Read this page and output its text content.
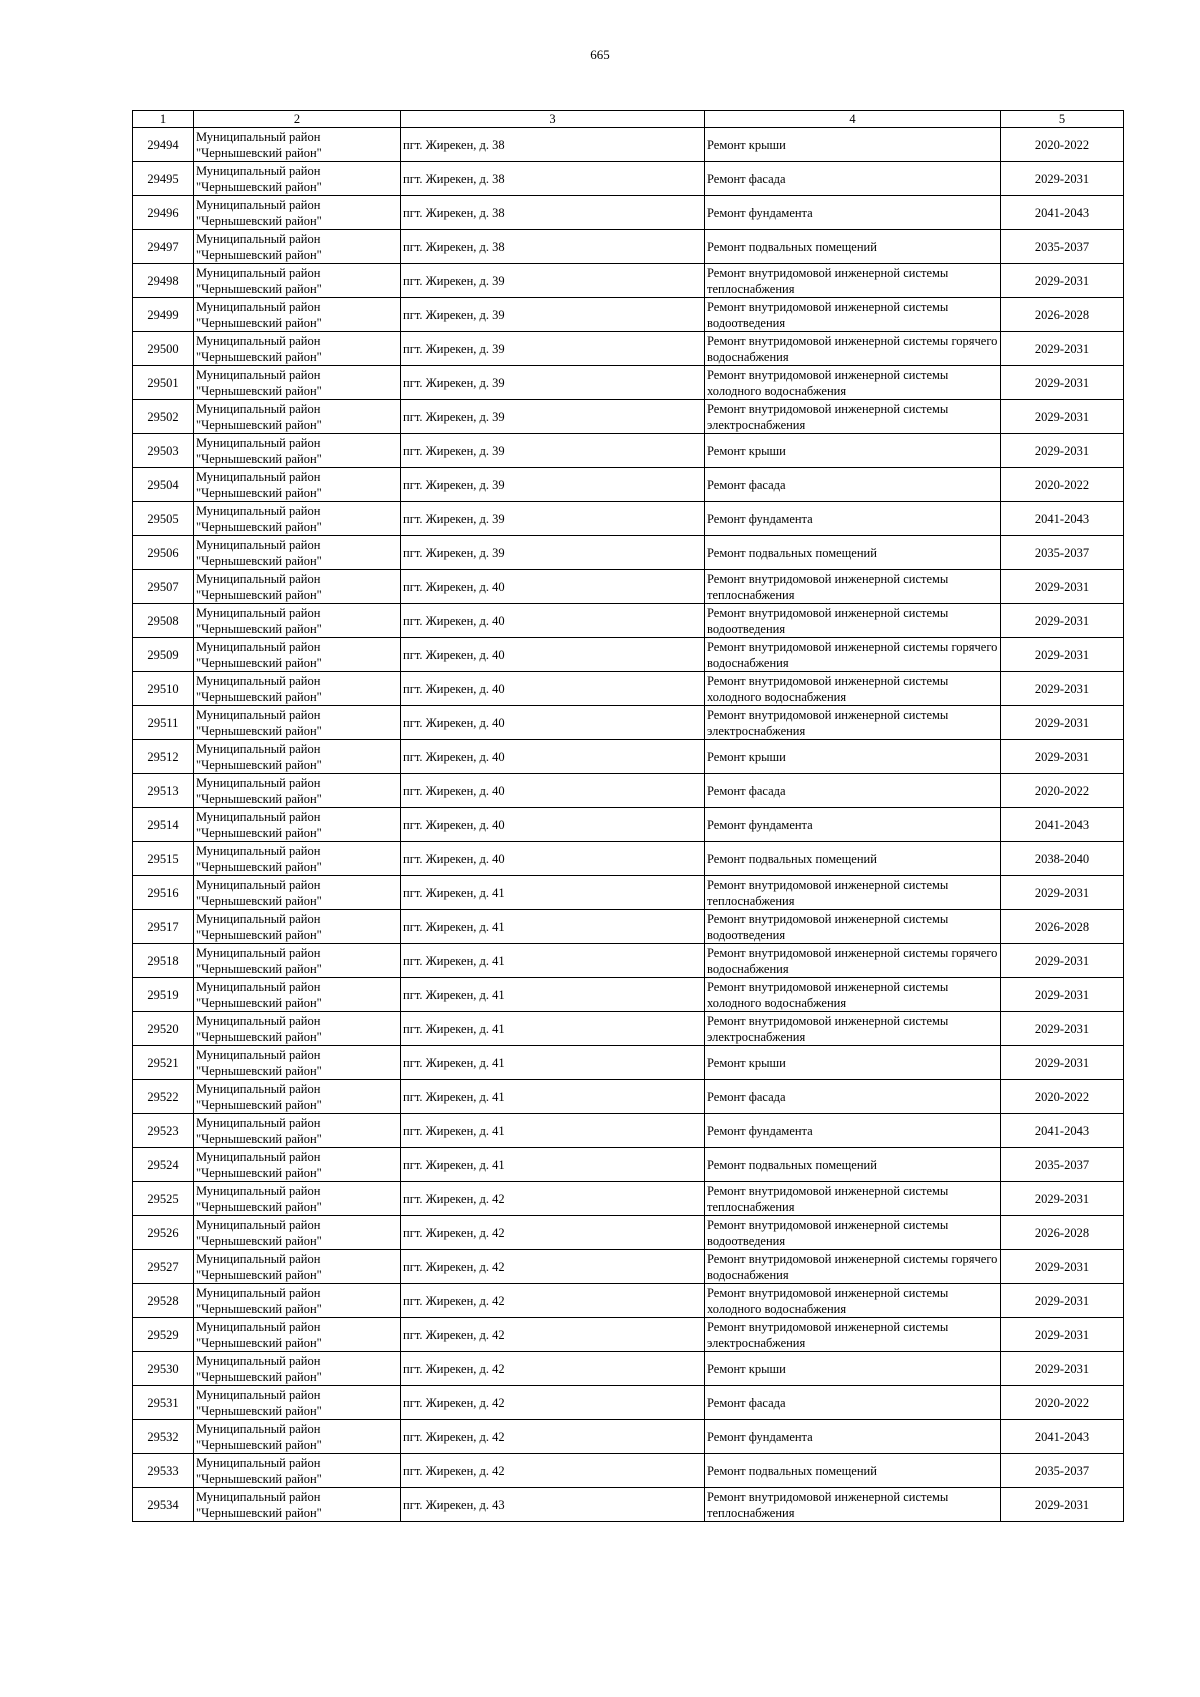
665
1	2	3	4	5
29494	Муниципальный район "Чернышевский район"	пгт. Жирекен, д. 38	Ремонт крыши	2020-2022
29495	Муниципальный район "Чернышевский район"	пгт. Жирекен, д. 38	Ремонт фасада	2029-2031
29496	Муниципальный район "Чернышевский район"	пгт. Жирекен, д. 38	Ремонт фундамента	2041-2043
29497	Муниципальный район "Чернышевский район"	пгт. Жирекен, д. 38	Ремонт подвальных помещений	2035-2037
29498	Муниципальный район "Чернышевский район"	пгт. Жирекен, д. 39	Ремонт внутридомовой инженерной системы теплоснабжения	2029-2031
29499	Муниципальный район "Чернышевский район"	пгт. Жирекен, д. 39	Ремонт внутридомовой инженерной системы водоотведения	2026-2028
29500	Муниципальный район "Чернышевский район"	пгт. Жирекен, д. 39	Ремонт внутридомовой инженерной системы горячего водоснабжения	2029-2031
29501	Муниципальный район "Чернышевский район"	пгт. Жирекен, д. 39	Ремонт внутридомовой инженерной системы холодного водоснабжения	2029-2031
29502	Муниципальный район "Чернышевский район"	пгт. Жирекен, д. 39	Ремонт внутридомовой инженерной системы электроснабжения	2029-2031
29503	Муниципальный район "Чернышевский район"	пгт. Жирекен, д. 39	Ремонт крыши	2029-2031
29504	Муниципальный район "Чернышевский район"	пгт. Жирекен, д. 39	Ремонт фасада	2020-2022
29505	Муниципальный район "Чернышевский район"	пгт. Жирекен, д. 39	Ремонт фундамента	2041-2043
29506	Муниципальный район "Чернышевский район"	пгт. Жирекен, д. 39	Ремонт подвальных помещений	2035-2037
29507	Муниципальный район "Чернышевский район"	пгт. Жирекен, д. 40	Ремонт внутридомовой инженерной системы теплоснабжения	2029-2031
29508	Муниципальный район "Чернышевский район"	пгт. Жирекен, д. 40	Ремонт внутридомовой инженерной системы водоотведения	2029-2031
29509	Муниципальный район "Чернышевский район"	пгт. Жирекен, д. 40	Ремонт внутридомовой инженерной системы горячего водоснабжения	2029-2031
29510	Муниципальный район "Чернышевский район"	пгт. Жирекен, д. 40	Ремонт внутридомовой инженерной системы холодного водоснабжения	2029-2031
29511	Муниципальный район "Чернышевский район"	пгт. Жирекен, д. 40	Ремонт внутридомовой инженерной системы электроснабжения	2029-2031
29512	Муниципальный район "Чернышевский район"	пгт. Жирекен, д. 40	Ремонт крыши	2029-2031
29513	Муниципальный район "Чернышевский район"	пгт. Жирекен, д. 40	Ремонт фасада	2020-2022
29514	Муниципальный район "Чернышевский район"	пгт. Жирекен, д. 40	Ремонт фундамента	2041-2043
29515	Муниципальный район "Чернышевский район"	пгт. Жирекен, д. 40	Ремонт подвальных помещений	2038-2040
29516	Муниципальный район "Чернышевский район"	пгт. Жирекен, д. 41	Ремонт внутридомовой инженерной системы теплоснабжения	2029-2031
29517	Муниципальный район "Чернышевский район"	пгт. Жирекен, д. 41	Ремонт внутридомовой инженерной системы водоотведения	2026-2028
29518	Муниципальный район "Чернышевский район"	пгт. Жирекен, д. 41	Ремонт внутридомовой инженерной системы горячего водоснабжения	2029-2031
29519	Муниципальный район "Чернышевский район"	пгт. Жирекен, д. 41	Ремонт внутридомовой инженерной системы холодного водоснабжения	2029-2031
29520	Муниципальный район "Чернышевский район"	пгт. Жирекен, д. 41	Ремонт внутридомовой инженерной системы электроснабжения	2029-2031
29521	Муниципальный район "Чернышевский район"	пгт. Жирекен, д. 41	Ремонт крыши	2029-2031
29522	Муниципальный район "Чернышевский район"	пгт. Жирекен, д. 41	Ремонт фасада	2020-2022
29523	Муниципальный район "Чернышевский район"	пгт. Жирекен, д. 41	Ремонт фундамента	2041-2043
29524	Муниципальный район "Чернышевский район"	пгт. Жирекен, д. 41	Ремонт подвальных помещений	2035-2037
29525	Муниципальный район "Чернышевский район"	пгт. Жирекен, д. 42	Ремонт внутридомовой инженерной системы теплоснабжения	2029-2031
29526	Муниципальный район "Чернышевский район"	пгт. Жирекен, д. 42	Ремонт внутридомовой инженерной системы водоотведения	2026-2028
29527	Муниципальный район "Чернышевский район"	пгт. Жирекен, д. 42	Ремонт внутридомовой инженерной системы горячего водоснабжения	2029-2031
29528	Муниципальный район "Чернышевский район"	пгт. Жирекен, д. 42	Ремонт внутридомовой инженерной системы холодного водоснабжения	2029-2031
29529	Муниципальный район "Чернышевский район"	пгт. Жирекен, д. 42	Ремонт внутридомовой инженерной системы электроснабжения	2029-2031
29530	Муниципальный район "Чернышевский район"	пгт. Жирекен, д. 42	Ремонт крыши	2029-2031
29531	Муниципальный район "Чернышевский район"	пгт. Жирекен, д. 42	Ремонт фасада	2020-2022
29532	Муниципальный район "Чернышевский район"	пгт. Жирекен, д. 42	Ремонт фундамента	2041-2043
29533	Муниципальный район "Чернышевский район"	пгт. Жирекен, д. 42	Ремонт подвальных помещений	2035-2037
29534	Муниципальный район "Чернышевский район"	пгт. Жирекен, д. 43	Ремонт внутридомовой инженерной системы теплоснабжения	2029-2031
